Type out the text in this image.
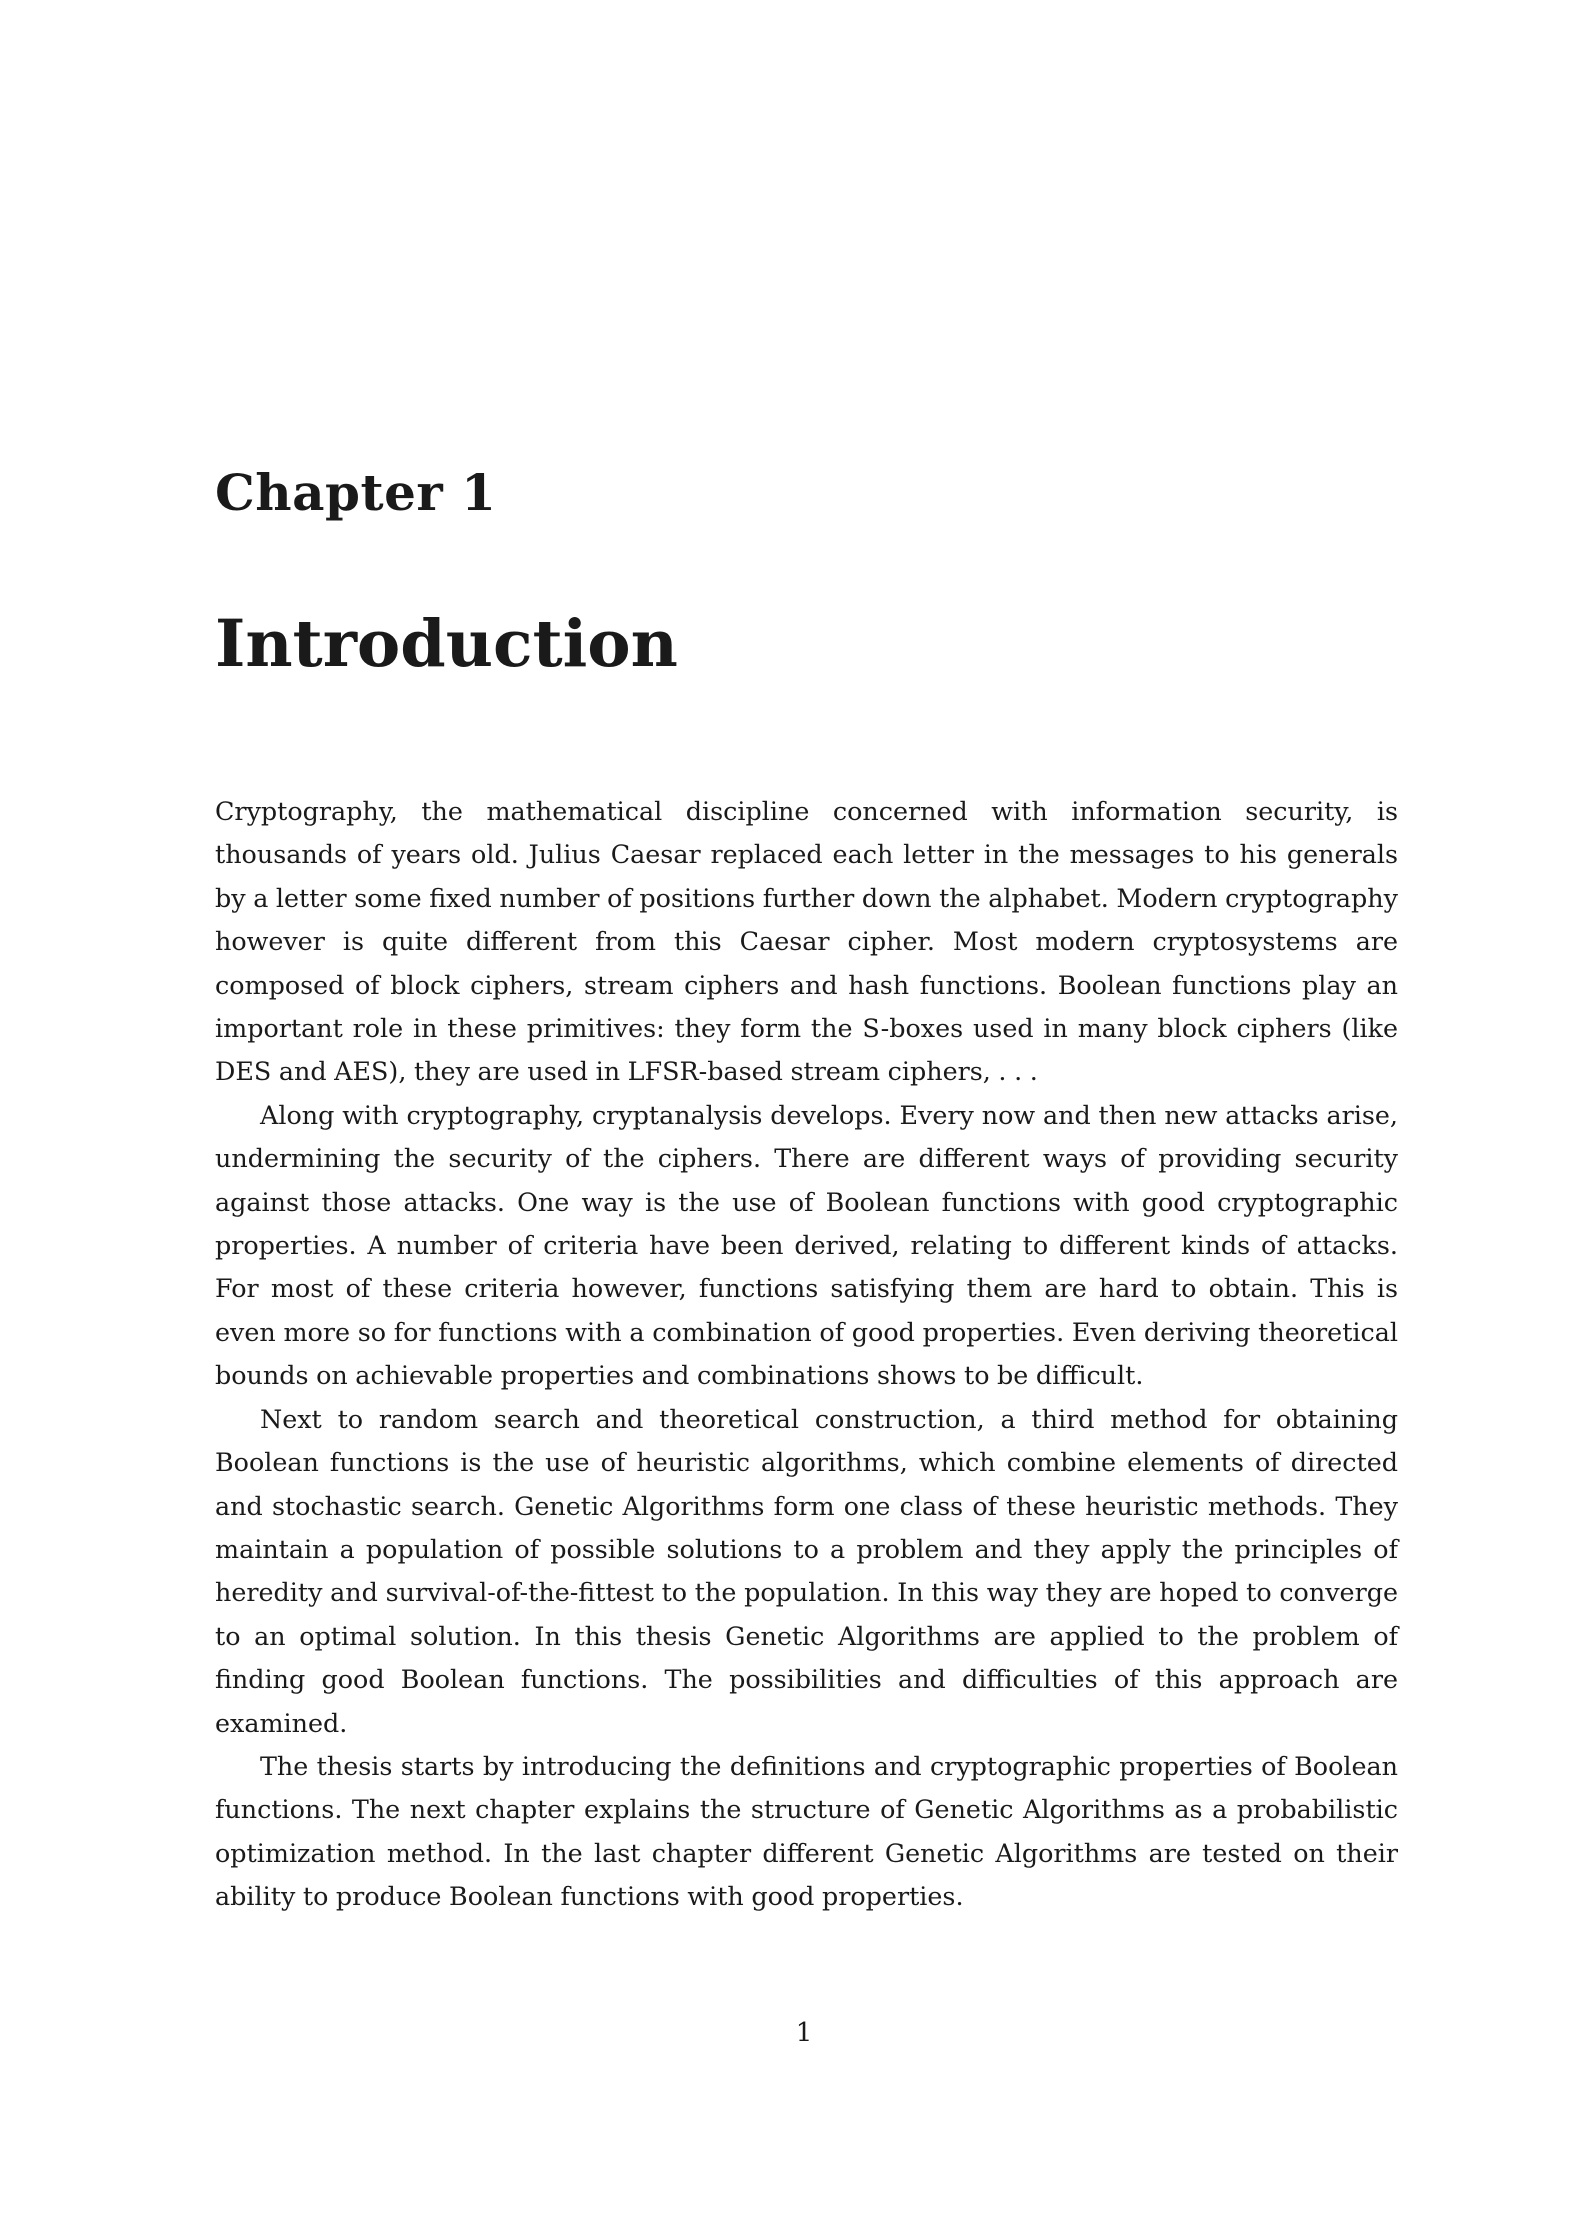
Chapter 1
Introduction

Cryptography, the mathematical discipline concerned with information security, is thousands of years old. Julius Caesar replaced each letter in the messages to his generals by a letter some fixed number of positions further down the alphabet. Modern cryptography however is quite different from this Caesar cipher. Most modern cryptosystems are composed of block ciphers, stream ciphers and hash functions. Boolean functions play an important role in these primitives: they form the S-boxes used in many block ciphers (like DES and AES), they are used in LFSR-based stream ciphers, . . .

Along with cryptography, cryptanalysis develops. Every now and then new attacks arise, undermining the security of the ciphers. There are different ways of providing security against those attacks. One way is the use of Boolean functions with good cryptographic properties. A number of criteria have been derived, relating to different kinds of attacks. For most of these criteria however, functions satisfying them are hard to obtain. This is even more so for functions with a combination of good properties. Even deriving theoretical bounds on achievable properties and combinations shows to be difficult.

Next to random search and theoretical construction, a third method for obtaining Boolean functions is the use of heuristic algorithms, which combine elements of directed and stochastic search. Genetic Algorithms form one class of these heuristic methods. They maintain a population of possible solutions to a problem and they apply the principles of heredity and survival-of-the-fittest to the population. In this way they are hoped to converge to an optimal solution. In this thesis Genetic Algorithms are applied to the problem of finding good Boolean functions. The possibilities and difficulties of this approach are examined.

The thesis starts by introducing the definitions and cryptographic properties of Boolean functions. The next chapter explains the structure of Genetic Algorithms as a probabilistic optimization method. In the last chapter different Genetic Algorithms are tested on their ability to produce Boolean functions with good properties.

1
